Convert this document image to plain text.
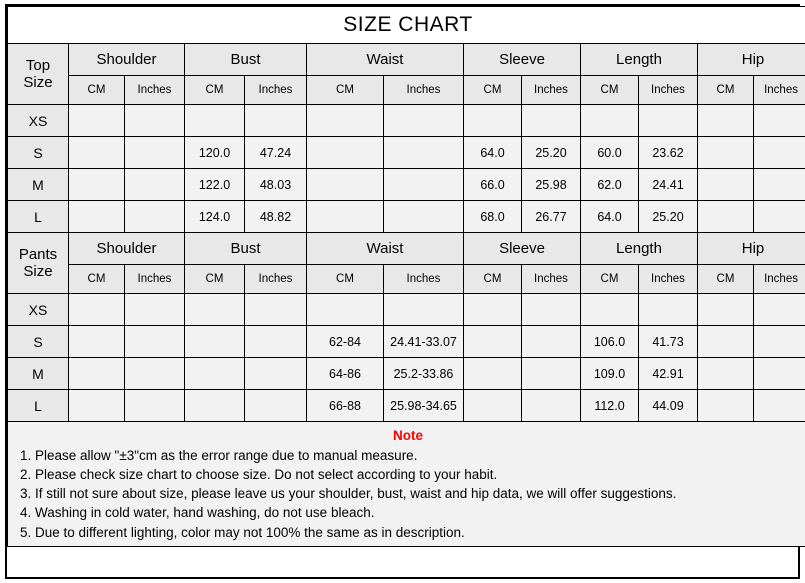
SIZE CHART												
Top
Size	Shoulder		Bust		Waist		Sleeve		Length		Hip	
	CM	Inches	CM	Inches	CM	Inches	CM	Inches	CM	Inches	CM	Inches
XS												
S			120.0	47.24			64.0	25.20	60.0	23.62		
M			122.0	48.03			66.0	25.98	62.0	24.41		
L			124.0	48.82			68.0	26.77	64.0	25.20		
Pants
Size	Shoulder		Bust		Waist		Sleeve		Length		Hip	
	CM	Inches	CM	Inches	CM	Inches	CM	Inches	CM	Inches	CM	Inches
XS												
S					62-84	24.41-33.07			106.0	41.73		
M					64-86	25.2-33.86			109.0	42.91		
L					66-88	25.98-34.65			112.0	44.09		

Note
1. Please allow "±3"cm as the error range due to manual measure.
2. Please check size chart to choose size. Do not select according to your habit.
3. If still not sure about size, please leave us your shoulder, bust, waist and hip data, we will offer suggestions.
4. Washing in cold water, hand washing, do not use bleach.
5. Due to different lighting, color may not 100% the same as in description.
